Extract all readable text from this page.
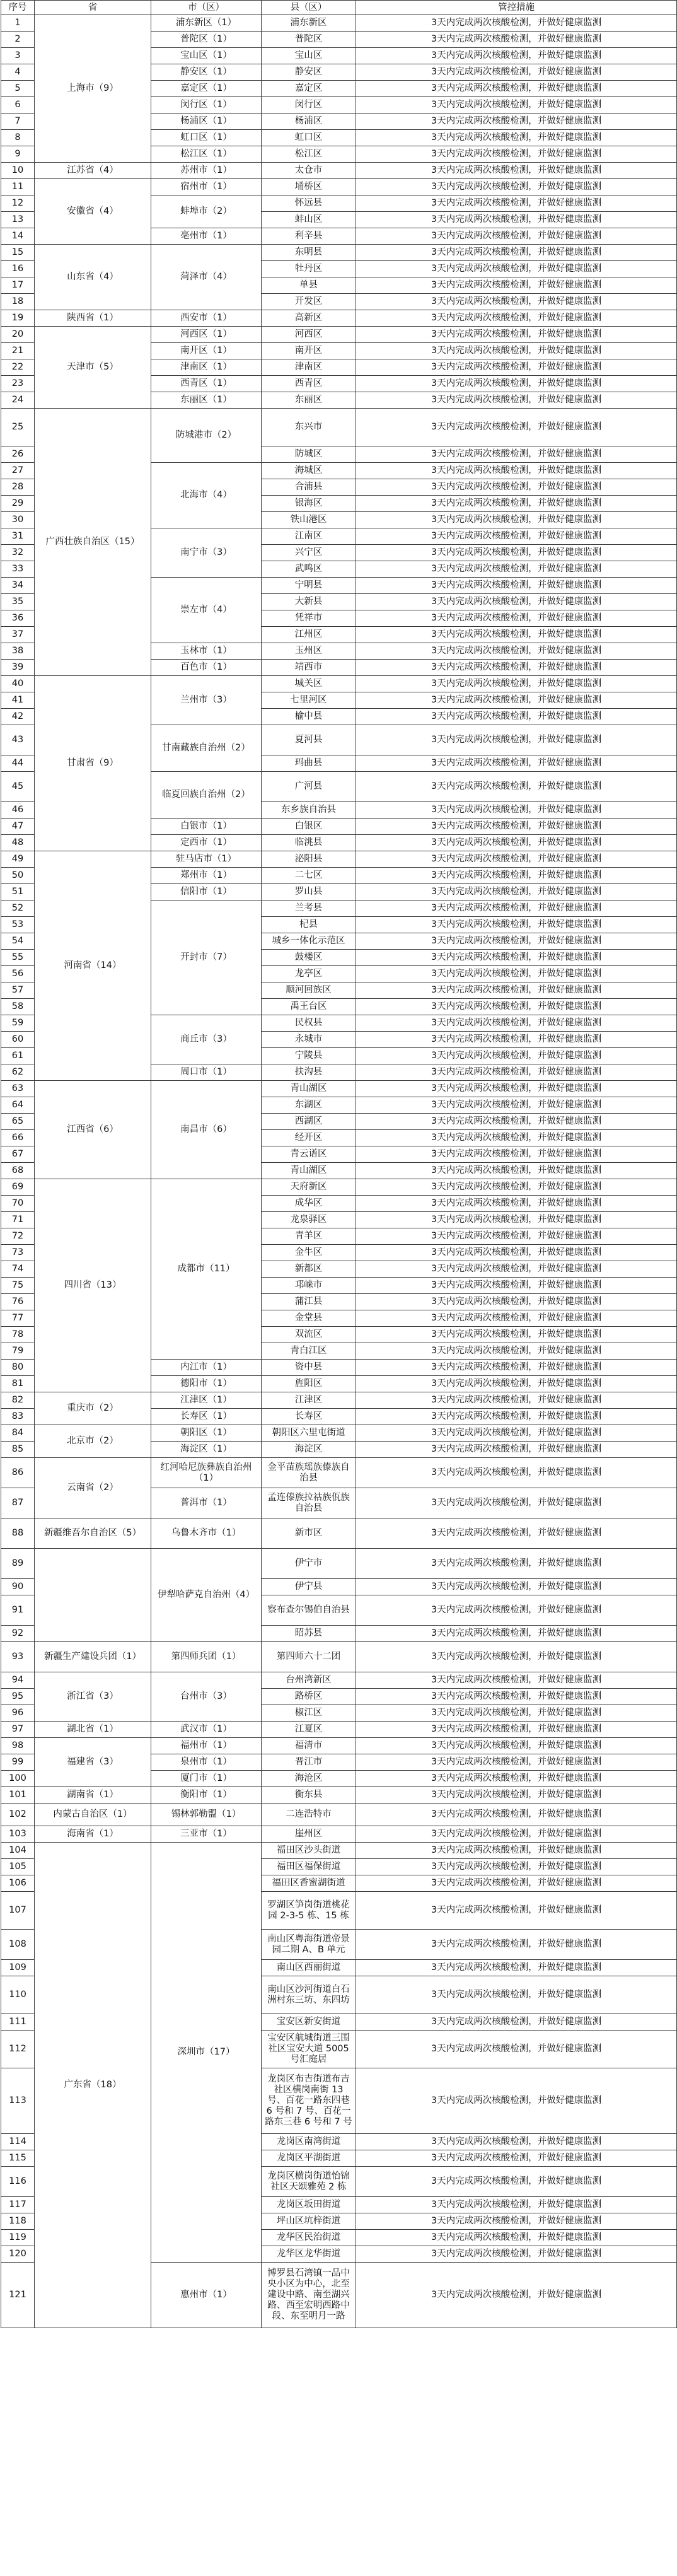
序号	省	市（区）	县（区）	管控措施
1	上海市（9）	浦东新区（1）	浦东新区	3天内完成两次核酸检测，并做好健康监测
2		普陀区（1）	普陀区	3天内完成两次核酸检测，并做好健康监测
3		宝山区（1）	宝山区	3天内完成两次核酸检测，并做好健康监测
4		静安区（1）	静安区	3天内完成两次核酸检测，并做好健康监测
5		嘉定区（1）	嘉定区	3天内完成两次核酸检测，并做好健康监测
6		闵行区（1）	闵行区	3天内完成两次核酸检测，并做好健康监测
7		杨浦区（1）	杨浦区	3天内完成两次核酸检测，并做好健康监测
8		虹口区（1）	虹口区	3天内完成两次核酸检测，并做好健康监测
9		松江区（1）	松江区	3天内完成两次核酸检测，并做好健康监测
10	江苏省（4）	苏州市（1）	太仓市	3天内完成两次核酸检测，并做好健康监测
11	安徽省（4）	宿州市（1）	埇桥区	3天内完成两次核酸检测，并做好健康监测
12		蚌埠市（2）	怀远县	3天内完成两次核酸检测，并做好健康监测
13			蚌山区	3天内完成两次核酸检测，并做好健康监测
14		亳州市（1）	利辛县	3天内完成两次核酸检测，并做好健康监测
15	山东省（4）	菏泽市（4）	东明县	3天内完成两次核酸检测，并做好健康监测
16			牡丹区	3天内完成两次核酸检测，并做好健康监测
17			单县	3天内完成两次核酸检测，并做好健康监测
18			开发区	3天内完成两次核酸检测，并做好健康监测
19	陕西省（1）	西安市（1）	高新区	3天内完成两次核酸检测，并做好健康监测
20	天津市（5）	河西区（1）	河西区	3天内完成两次核酸检测，并做好健康监测
21		南开区（1）	南开区	3天内完成两次核酸检测，并做好健康监测
22		津南区（1）	津南区	3天内完成两次核酸检测，并做好健康监测
23		西青区（1）	西青区	3天内完成两次核酸检测，并做好健康监测
24		东丽区（1）	东丽区	3天内完成两次核酸检测，并做好健康监测
25	广西壮族自治区（15）	防城港市（2）	东兴市	3天内完成两次核酸检测，并做好健康监测
26			防城区	3天内完成两次核酸检测，并做好健康监测
27		北海市（4）	海城区	3天内完成两次核酸检测，并做好健康监测
28			合浦县	3天内完成两次核酸检测，并做好健康监测
29			银海区	3天内完成两次核酸检测，并做好健康监测
30			铁山港区	3天内完成两次核酸检测，并做好健康监测
31		南宁市（3）	江南区	3天内完成两次核酸检测，并做好健康监测
32			兴宁区	3天内完成两次核酸检测，并做好健康监测
33			武鸣区	3天内完成两次核酸检测，并做好健康监测
34		崇左市（4）	宁明县	3天内完成两次核酸检测，并做好健康监测
35			大新县	3天内完成两次核酸检测，并做好健康监测
36			凭祥市	3天内完成两次核酸检测，并做好健康监测
37			江州区	3天内完成两次核酸检测，并做好健康监测
38		玉林市（1）	玉州区	3天内完成两次核酸检测，并做好健康监测
39		百色市（1）	靖西市	3天内完成两次核酸检测，并做好健康监测
40	甘肃省（9）	兰州市（3）	城关区	3天内完成两次核酸检测，并做好健康监测
41			七里河区	3天内完成两次核酸检测，并做好健康监测
42			榆中县	3天内完成两次核酸检测，并做好健康监测
43		甘南藏族自治州（2）	夏河县	3天内完成两次核酸检测，并做好健康监测
44			玛曲县	3天内完成两次核酸检测，并做好健康监测
45		临夏回族自治州（2）	广河县	3天内完成两次核酸检测，并做好健康监测
46			东乡族自治县	3天内完成两次核酸检测，并做好健康监测
47		白银市（1）	白银区	3天内完成两次核酸检测，并做好健康监测
48		定西市（1）	临洮县	3天内完成两次核酸检测，并做好健康监测
49	河南省（14）	驻马店市（1）	泌阳县	3天内完成两次核酸检测，并做好健康监测
50		郑州市（1）	二七区	3天内完成两次核酸检测，并做好健康监测
51		信阳市（1）	罗山县	3天内完成两次核酸检测，并做好健康监测
52		开封市（7）	兰考县	3天内完成两次核酸检测，并做好健康监测
53			杞县	3天内完成两次核酸检测，并做好健康监测
54			城乡一体化示范区	3天内完成两次核酸检测，并做好健康监测
55			鼓楼区	3天内完成两次核酸检测，并做好健康监测
56			龙亭区	3天内完成两次核酸检测，并做好健康监测
57			顺河回族区	3天内完成两次核酸检测，并做好健康监测
58			禹王台区	3天内完成两次核酸检测，并做好健康监测
59		商丘市（3）	民权县	3天内完成两次核酸检测，并做好健康监测
60			永城市	3天内完成两次核酸检测，并做好健康监测
61			宁陵县	3天内完成两次核酸检测，并做好健康监测
62		周口市（1）	扶沟县	3天内完成两次核酸检测，并做好健康监测
63	江西省（6）	南昌市（6）	青山湖区	3天内完成两次核酸检测，并做好健康监测
64			东湖区	3天内完成两次核酸检测，并做好健康监测
65			西湖区	3天内完成两次核酸检测，并做好健康监测
66			经开区	3天内完成两次核酸检测，并做好健康监测
67			青云谱区	3天内完成两次核酸检测，并做好健康监测
68			青山湖区	3天内完成两次核酸检测，并做好健康监测
69	四川省（13）	成都市（11）	天府新区	3天内完成两次核酸检测，并做好健康监测
70			成华区	3天内完成两次核酸检测，并做好健康监测
71			龙泉驿区	3天内完成两次核酸检测，并做好健康监测
72			青羊区	3天内完成两次核酸检测，并做好健康监测
73			金牛区	3天内完成两次核酸检测，并做好健康监测
74			新都区	3天内完成两次核酸检测，并做好健康监测
75			邛崃市	3天内完成两次核酸检测，并做好健康监测
76			蒲江县	3天内完成两次核酸检测，并做好健康监测
77			金堂县	3天内完成两次核酸检测，并做好健康监测
78			双流区	3天内完成两次核酸检测，并做好健康监测
79			青白江区	3天内完成两次核酸检测，并做好健康监测
80		内江市（1）	资中县	3天内完成两次核酸检测，并做好健康监测
81		德阳市（1）	旌阳区	3天内完成两次核酸检测，并做好健康监测
82	重庆市（2）	江津区（1）	江津区	3天内完成两次核酸检测，并做好健康监测
83		长寿区（1）	长寿区	3天内完成两次核酸检测，并做好健康监测
84	北京市（2）	朝阳区（1）	朝阳区六里屯街道	3天内完成两次核酸检测，并做好健康监测
85		海淀区（1）	海淀区	3天内完成两次核酸检测，并做好健康监测
86	云南省（2）	红河哈尼族彝族自治州（1）	金平苗族瑶族傣族自治县	3天内完成两次核酸检测，并做好健康监测
87		普洱市（1）	孟连傣族拉祜族佤族自治县	3天内完成两次核酸检测，并做好健康监测
88	新疆维吾尔自治区（5）	乌鲁木齐市（1）	新市区	3天内完成两次核酸检测，并做好健康监测
89		伊犁哈萨克自治州（4）	伊宁市	3天内完成两次核酸检测，并做好健康监测
90			伊宁县	3天内完成两次核酸检测，并做好健康监测
91			察布查尔锡伯自治县	3天内完成两次核酸检测，并做好健康监测
92			昭苏县	3天内完成两次核酸检测，并做好健康监测
93	新疆生产建设兵团（1）	第四师兵团（1）	第四师六十二团	3天内完成两次核酸检测，并做好健康监测
94	浙江省（3）	台州市（3）	台州湾新区	3天内完成两次核酸检测，并做好健康监测
95			路桥区	3天内完成两次核酸检测，并做好健康监测
96			椒江区	3天内完成两次核酸检测，并做好健康监测
97	湖北省（1）	武汉市（1）	江夏区	3天内完成两次核酸检测，并做好健康监测
98	福建省（3）	福州市（1）	福清市	3天内完成两次核酸检测，并做好健康监测
99		泉州市（1）	晋江市	3天内完成两次核酸检测，并做好健康监测
100		厦门市（1）	海沧区	3天内完成两次核酸检测，并做好健康监测
101	湖南省（1）	衡阳市（1）	衡东县	3天内完成两次核酸检测，并做好健康监测
102	内蒙古自治区（1）	锡林郭勒盟（1）	二连浩特市	3天内完成两次核酸检测，并做好健康监测
103	海南省（1）	三亚市（1）	崖州区	3天内完成两次核酸检测，并做好健康监测
104	广东省（18）	深圳市（17）	福田区沙头街道	3天内完成两次核酸检测，并做好健康监测
105			福田区福保街道	3天内完成两次核酸检测，并做好健康监测
106			福田区香蜜湖街道	3天内完成两次核酸检测，并做好健康监测
107			罗湖区笋岗街道桃花园 2-3-5 栋、15 栋	3天内完成两次核酸检测，并做好健康监测
108			南山区粤海街道帝景园二期 A、B 单元	3天内完成两次核酸检测，并做好健康监测
109			南山区西丽街道	3天内完成两次核酸检测，并做好健康监测
110			南山区沙河街道白石洲村东三坊、东四坊	3天内完成两次核酸检测，并做好健康监测
111			宝安区新安街道	3天内完成两次核酸检测，并做好健康监测
112			宝安区航城街道三围社区宝安大道 5005 号汇庭居	3天内完成两次核酸检测，并做好健康监测
113			龙岗区布吉街道布吉社区横岗南街 13 号、百花一路东四巷 6 号和 7 号、百花一路东三巷 6 号和 7 号	3天内完成两次核酸检测，并做好健康监测
114			龙岗区南湾街道	3天内完成两次核酸检测，并做好健康监测
115			龙岗区平湖街道	3天内完成两次核酸检测，并做好健康监测
116			龙岗区横岗街道怡锦社区天颂雅苑 2 栋	3天内完成两次核酸检测，并做好健康监测
117			龙岗区坂田街道	3天内完成两次核酸检测，并做好健康监测
118			坪山区坑梓街道	3天内完成两次核酸检测，并做好健康监测
119			龙华区民治街道	3天内完成两次核酸检测，并做好健康监测
120			龙华区龙华街道	3天内完成两次核酸检测，并做好健康监测
121		惠州市（1）	博罗县石湾镇一品中央小区为中心，北至建设中路、南至湖兴路、西至宏明西路中段、东至明月一路	3天内完成两次核酸检测，并做好健康监测
